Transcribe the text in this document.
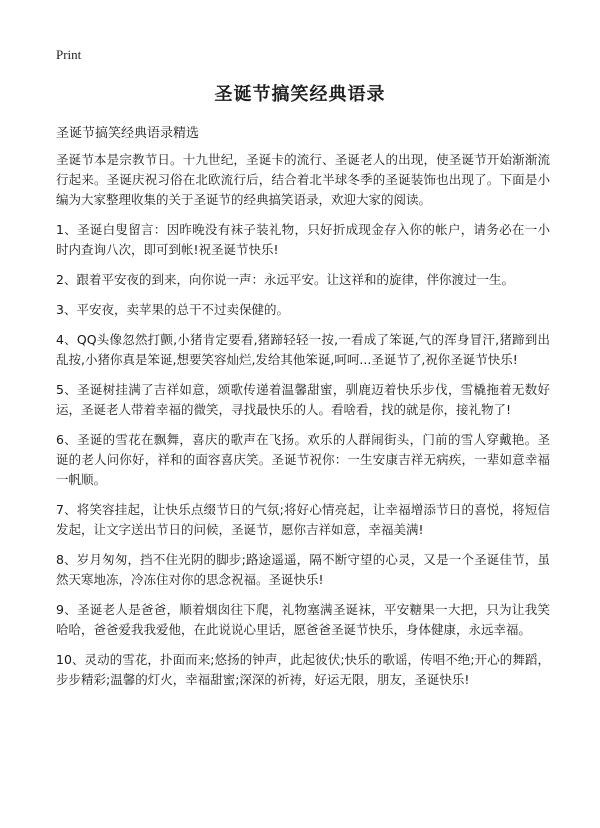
Print
圣诞节搞笑经典语录
圣诞节搞笑经典语录精选

圣诞节本是宗教节日。十九世纪，圣诞卡的流行、圣诞老人的出现，使圣诞节开始渐渐流行起来。圣诞庆祝习俗在北欧流行后，结合着北半球冬季的圣诞装饰也出现了。下面是小编为大家整理收集的关于圣诞节的经典搞笑语录，欢迎大家的阅读。

1、圣诞白叟留言：因昨晚没有袜子装礼物，只好折成现金存入你的帐户，请务必在一小时内查询八次，即可到帐!祝圣诞节快乐!

2、跟着平安夜的到来，向你说一声：永远平安。让这祥和的旋律，伴你渡过一生。

3、平安夜，卖苹果的总干不过卖保健的。

4、QQ头像忽然打颤,小猪肯定要看,猪蹄轻轻一按,一看成了笨诞,气的浑身冒汗,猪蹄到出乱按,小猪你真是笨诞,想要笑容灿烂,发给其他笨诞,呵呵...圣诞节了,祝你圣诞节快乐!

5、圣诞树挂满了吉祥如意，颂歌传递着温馨甜蜜，驯鹿迈着快乐步伐，雪橇拖着无数好运，圣诞老人带着幸福的微笑，寻找最快乐的人。看啥看，找的就是你，接礼物了!

6、圣诞的雪花在飘舞，喜庆的歌声在飞扬。欢乐的人群闹街头，门前的雪人穿戴艳。圣诞的老人问你好，祥和的面容喜庆笑。圣诞节祝你：一生安康吉祥无病疾，一辈如意幸福一帆顺。

7、将笑容挂起，让快乐点缀节日的气氛;将好心情亮起，让幸福增添节日的喜悦，将短信发起，让文字送出节日的问候，圣诞节，愿你吉祥如意，幸福美满!

8、岁月匆匆，挡不住光阴的脚步;路途遥遥，隔不断守望的心灵，又是一个圣诞佳节，虽然天寒地冻，冷冻住对你的思念祝福。圣诞快乐!

9、圣诞老人是爸爸，顺着烟囱往下爬，礼物塞满圣诞袜，平安糖果一大把，只为让我笑哈哈，爸爸爱我我爱他，在此说说心里话，愿爸爸圣诞节快乐，身体健康，永远幸福。

10、灵动的雪花，扑面而来;悠扬的钟声，此起彼伏;快乐的歌谣，传唱不绝;开心的舞蹈，步步精彩;温馨的灯火，幸福甜蜜;深深的祈祷，好运无限，朋友，圣诞快乐!
